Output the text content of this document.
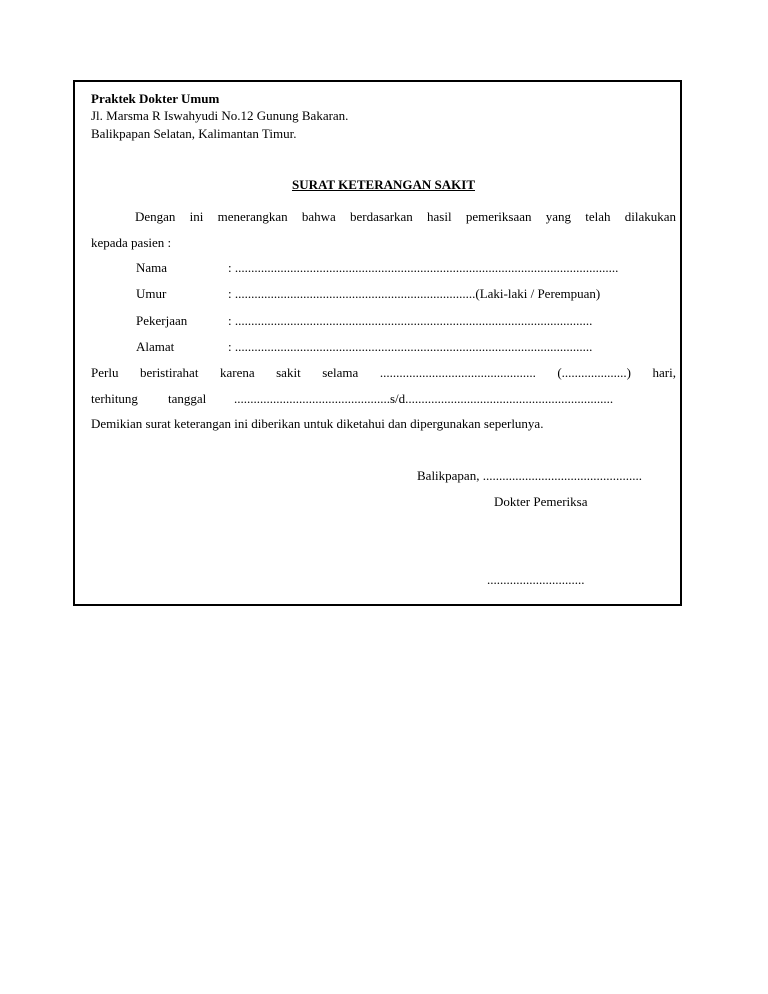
Praktek Dokter Umum
Jl. Marsma R Iswahyudi No.12 Gunung Bakaran.
Balikpapan Selatan, Kalimantan Timur.
SURAT KETERANGAN SAKIT
Dengan ini menerangkan bahwa berdasarkan hasil pemeriksaan yang telah dilakukan
kepada pasien :
Nama	: ......................................................................................................................
Umur	: ..........................................................................(Laki-laki / Perempuan)
Pekerjaan	: ..............................................................................................................
Alamat	: ..............................................................................................................
Perlu beristirahat karena sakit selama ................................................ (....................) hari,
terhitung tanggal ................................................s/d................................................................
Demikian surat keterangan ini diberikan untuk diketahui dan dipergunakan seperlunya.
Balikpapan, .................................................
Dokter Pemeriksa
..............................
